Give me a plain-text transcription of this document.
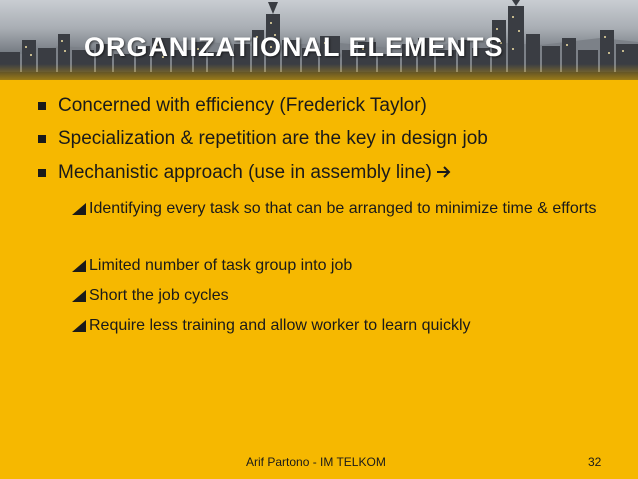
ORGANIZATIONAL ELEMENTS
Concerned with efficiency (Frederick Taylor)
Specialization & repetition are the key in design job
Mechanistic approach (use in assembly line)
Identifying every task so that can be arranged to minimize time & efforts
Limited number of task group into job
Short the job cycles
Require less training and allow worker to learn quickly
Arif Partono - IM TELKOM	32
